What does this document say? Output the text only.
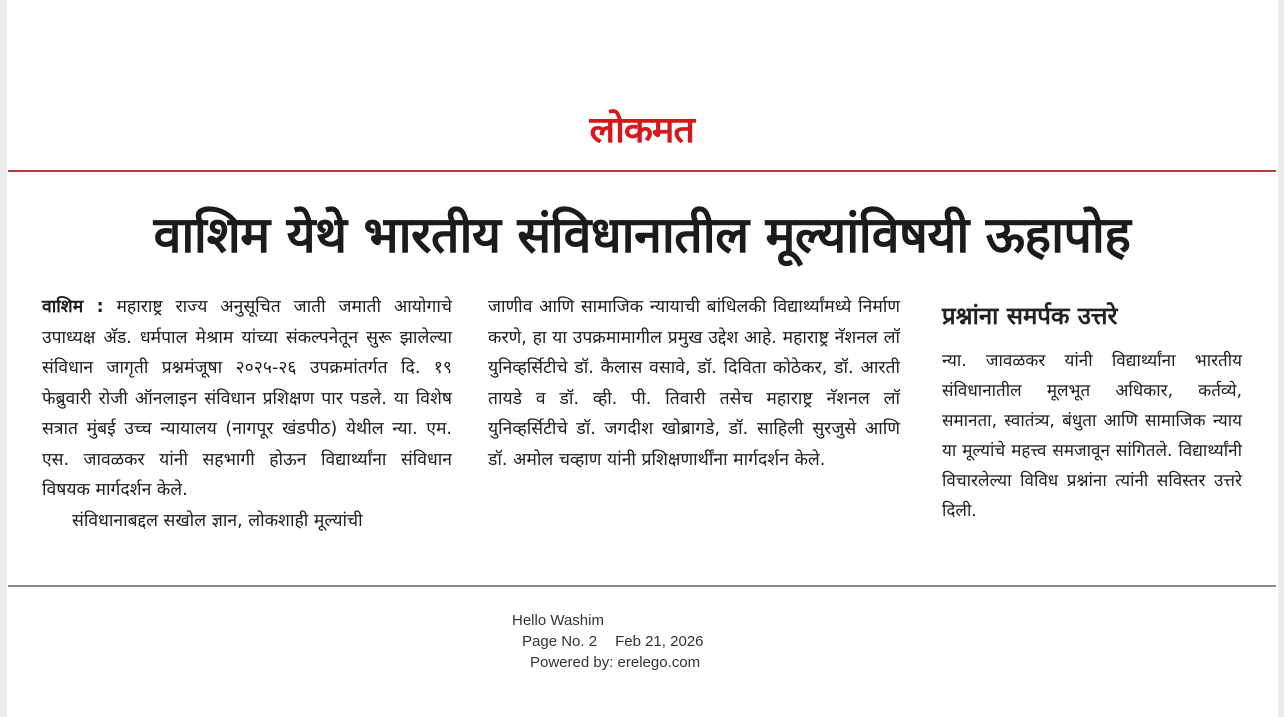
लोकमत
वाशिम येथे भारतीय संविधानातील मूल्यांविषयी ऊहापोह

वाशिम : महाराष्ट्र राज्य अनुसूचित जाती जमाती आयोगाचे उपाध्यक्ष अ‍ॅड. धर्मपाल मेश्राम यांच्या संकल्पनेतून सुरू झालेल्या संविधान जागृती प्रश्नमंजूषा २०२५-२६ उपक्रमांतर्गत दि. १९ फेब्रुवारी रोजी ऑनलाइन संविधान प्रशिक्षण पार पडले. या विशेष सत्रात मुंबई उच्च न्यायालय (नागपूर खंडपीठ) येथील न्या. एम. एस. जावळकर यांनी सहभागी होऊन विद्यार्थ्यांना संविधान विषयक मार्गदर्शन केले.

संविधानाबद्दल सखोल ज्ञान, लोकशाही मूल्यांची

जाणीव आणि सामाजिक न्यायाची बांधिलकी विद्यार्थ्यांमध्ये निर्माण करणे, हा या उपक्रमामागील प्रमुख उद्देश आहे. महाराष्ट्र नॅशनल लॉ युनिव्हर्सिटीचे डॉ. कैलास वसावे, डॉ. दिविता कोठेकर, डॉ. आरती तायडे व डॉ. व्ही. पी. तिवारी तसेच महाराष्ट्र नॅशनल लॉ युनिव्हर्सिटीचे डॉ. जगदीश खोब्रागडे, डॉ. साहिली सुरजुसे आणि डॉ. अमोल चव्हाण यांनी प्रशिक्षणार्थींना मार्गदर्शन केले.

प्रश्नांना समर्पक उत्तरे

न्या. जावळकर यांनी विद्यार्थ्यांना भारतीय संविधानातील मूलभूत अधिकार, कर्तव्ये, समानता, स्वातंत्र्य, बंधुता आणि सामाजिक न्याय या मूल्यांचे महत्त्व समजावून सांगितले. विद्यार्थ्यांनी विचारलेल्या विविध प्रश्नांना त्यांनी सविस्तर उत्तरे दिली.

Hello Washim
Page No. 2 Feb 21, 2026
Powered by: erelego.com
